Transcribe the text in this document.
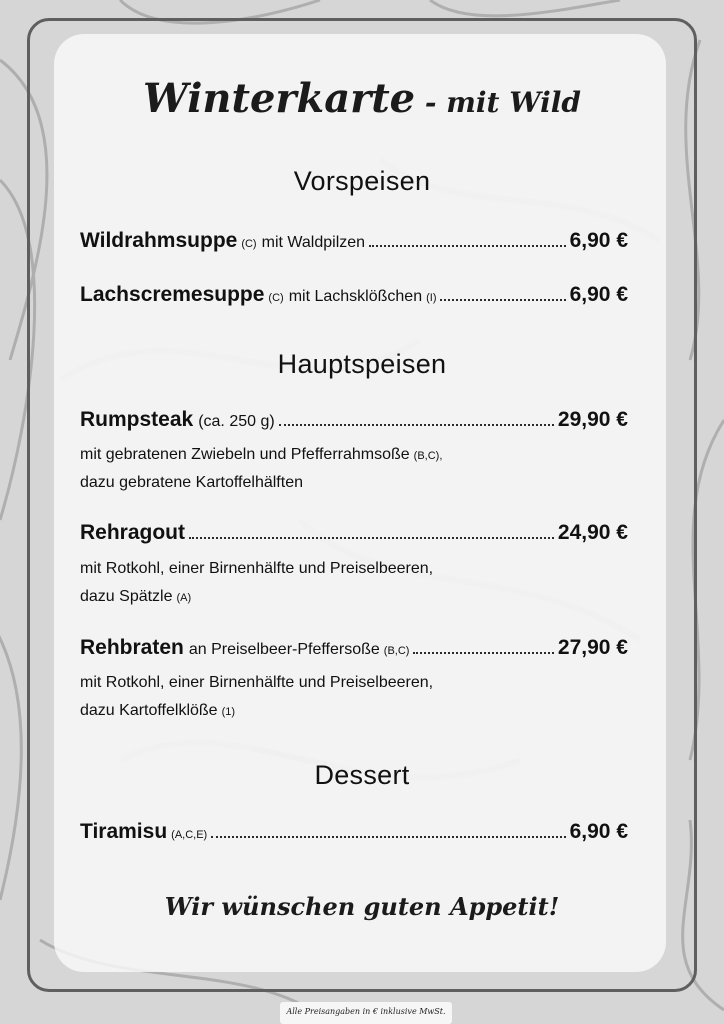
Winterkarte - mit Wild
Vorspeisen
Wildrahmsuppe (C) mit Waldpilzen	6,90 €
Lachscremesuppe (C) mit Lachsklößchen (I)	6,90 €
Hauptspeisen
Rumpsteak (ca. 250 g)	29,90 €
mit gebratenen Zwiebeln und Pfefferrahmsoße (B,C),
dazu gebratene Kartoffelhälften
Rehragout	24,90 €
mit Rotkohl, einer Birnenhälfte und Preiselbeeren,
dazu Spätzle (A)
Rehbraten an Preiselbeer-Pfeffersoße (B,C)	27,90 €
mit Rotkohl, einer Birnenhälfte und Preiselbeeren,
dazu Kartoffelklöße (1)
Dessert
Tiramisu (A,C,E)	6,90 €

Wir wünschen guten Appetit!

Alle Preisangaben in € inklusive MwSt.
